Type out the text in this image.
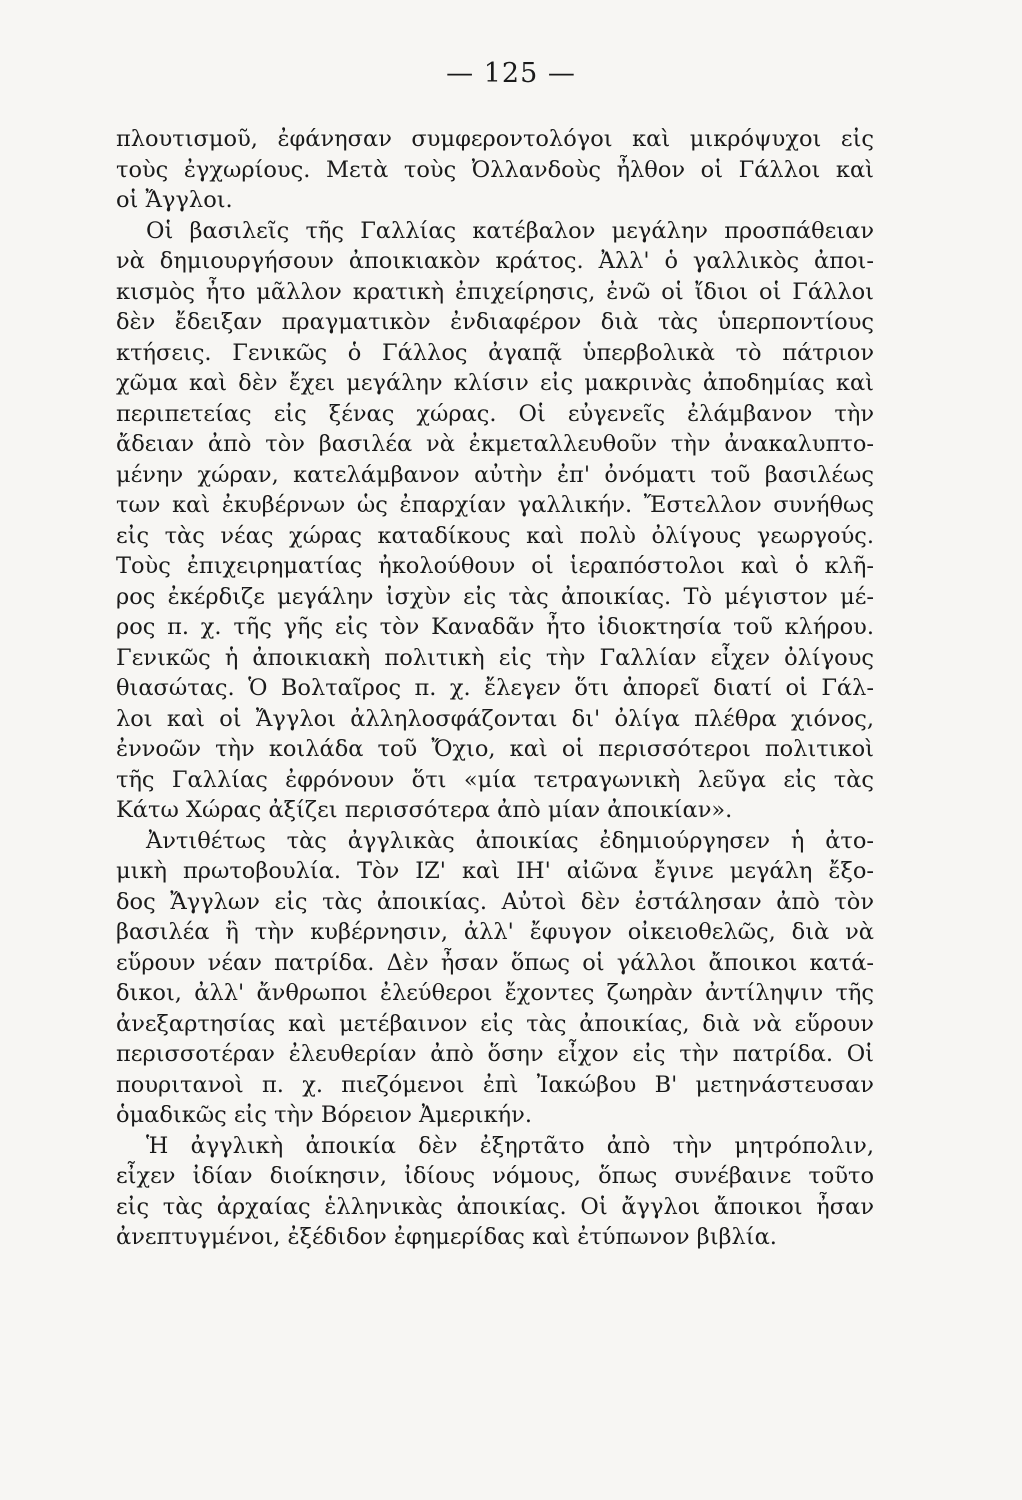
— 125 —
πλουτισμοῦ, ἐφάνησαν συμφεροντολόγοι καὶ μικρόψυχοι εἰς
τοὺς ἐγχωρίους. Μετὰ τοὺς Ὀλλανδοὺς ἦλθον οἱ Γάλλοι καὶ
οἱ Ἄγγλοι.
Οἱ βασιλεῖς τῆς Γαλλίας κατέβαλον μεγάλην προσπάθειαν
νὰ δημιουργήσουν ἀποικιακὸν κράτος. Ἀλλ' ὁ γαλλικὸς ἀποι-
κισμὸς ἦτο μᾶλλον κρατικὴ ἐπιχείρησις, ἐνῶ οἱ ἴδιοι οἱ Γάλλοι
δὲν ἔδειξαν πραγματικὸν ἐνδιαφέρον διὰ τὰς ὑπερποντίους
κτήσεις. Γενικῶς ὁ Γάλλος ἀγαπᾷ ὑπερβολικὰ τὸ πάτριον
χῶμα καὶ δὲν ἔχει μεγάλην κλίσιν εἰς μακρινὰς ἀποδημίας καὶ
περιπετείας εἰς ξένας χώρας. Οἱ εὐγενεῖς ἐλάμβανον τὴν
ἄδειαν ἀπὸ τὸν βασιλέα νὰ ἐκμεταλλευθοῦν τὴν ἀνακαλυπτο-
μένην χώραν, κατελάμβανον αὐτὴν ἐπ' ὀνόματι τοῦ βασιλέως
των καὶ ἐκυβέρνων ὡς ἐπαρχίαν γαλλικήν. Ἔστελλον συνήθως
εἰς τὰς νέας χώρας καταδίκους καὶ πολὺ ὀλίγους γεωργούς.
Τοὺς ἐπιχειρηματίας ἠκολούθουν οἱ ἱεραπόστολοι καὶ ὁ κλῆ-
ρος ἐκέρδιζε μεγάλην ἰσχὺν εἰς τὰς ἀποικίας. Τὸ μέγιστον μέ-
ρος π. χ. τῆς γῆς εἰς τὸν Καναδᾶν ἦτο ἰδιοκτησία τοῦ κλήρου.
Γενικῶς ἡ ἀποικιακὴ πολιτικὴ εἰς τὴν Γαλλίαν εἶχεν ὀλίγους
θιασώτας. Ὁ Βολταῖρος π. χ. ἔλεγεν ὅτι ἀπορεῖ διατί οἱ Γάλ-
λοι καὶ οἱ Ἄγγλοι ἀλληλοσφάζονται δι' ὀλίγα πλέθρα χιόνος,
ἐννοῶν τὴν κοιλάδα τοῦ Ὄχιο, καὶ οἱ περισσότεροι πολιτικοὶ
τῆς Γαλλίας ἐφρόνουν ὅτι «μία τετραγωνικὴ λεῦγα εἰς τὰς
Κάτω Χώρας ἀξίζει περισσότερα ἀπὸ μίαν ἀποικίαν».
Ἀντιθέτως τὰς ἀγγλικὰς ἀποικίας ἐδημιούργησεν ἡ ἀτο-
μικὴ πρωτοβουλία. Τὸν ΙΖ' καὶ ΙΗ' αἰῶνα ἔγινε μεγάλη ἔξο-
δος Ἄγγλων εἰς τὰς ἀποικίας. Αὐτοὶ δὲν ἐστάλησαν ἀπὸ τὸν
βασιλέα ἢ τὴν κυβέρνησιν, ἀλλ' ἔφυγον οἰκειοθελῶς, διὰ νὰ
εὕρουν νέαν πατρίδα. Δὲν ἦσαν ὅπως οἱ γάλλοι ἄποικοι κατά-
δικοι, ἀλλ' ἄνθρωποι ἐλεύθεροι ἔχοντες ζωηρὰν ἀντίληψιν τῆς
ἀνεξαρτησίας καὶ μετέβαινον εἰς τὰς ἀποικίας, διὰ νὰ εὕρουν
περισσοτέραν ἐλευθερίαν ἀπὸ ὅσην εἶχον εἰς τὴν πατρίδα. Οἱ
πουριτανοὶ π. χ. πιεζόμενοι ἐπὶ Ἰακώβου Β' μετηνάστευσαν
ὁμαδικῶς εἰς τὴν Βόρειον Ἀμερικήν.
Ἡ ἀγγλικὴ ἀποικία δὲν ἐξηρτᾶτο ἀπὸ τὴν μητρόπολιν,
εἶχεν ἰδίαν διοίκησιν, ἰδίους νόμους, ὅπως συνέβαινε τοῦτο
εἰς τὰς ἀρχαίας ἑλληνικὰς ἀποικίας. Οἱ ἄγγλοι ἄποικοι ἦσαν
ἀνεπτυγμένοι, ἐξέδιδον ἐφημερίδας καὶ ἐτύπωνον βιβλία.
